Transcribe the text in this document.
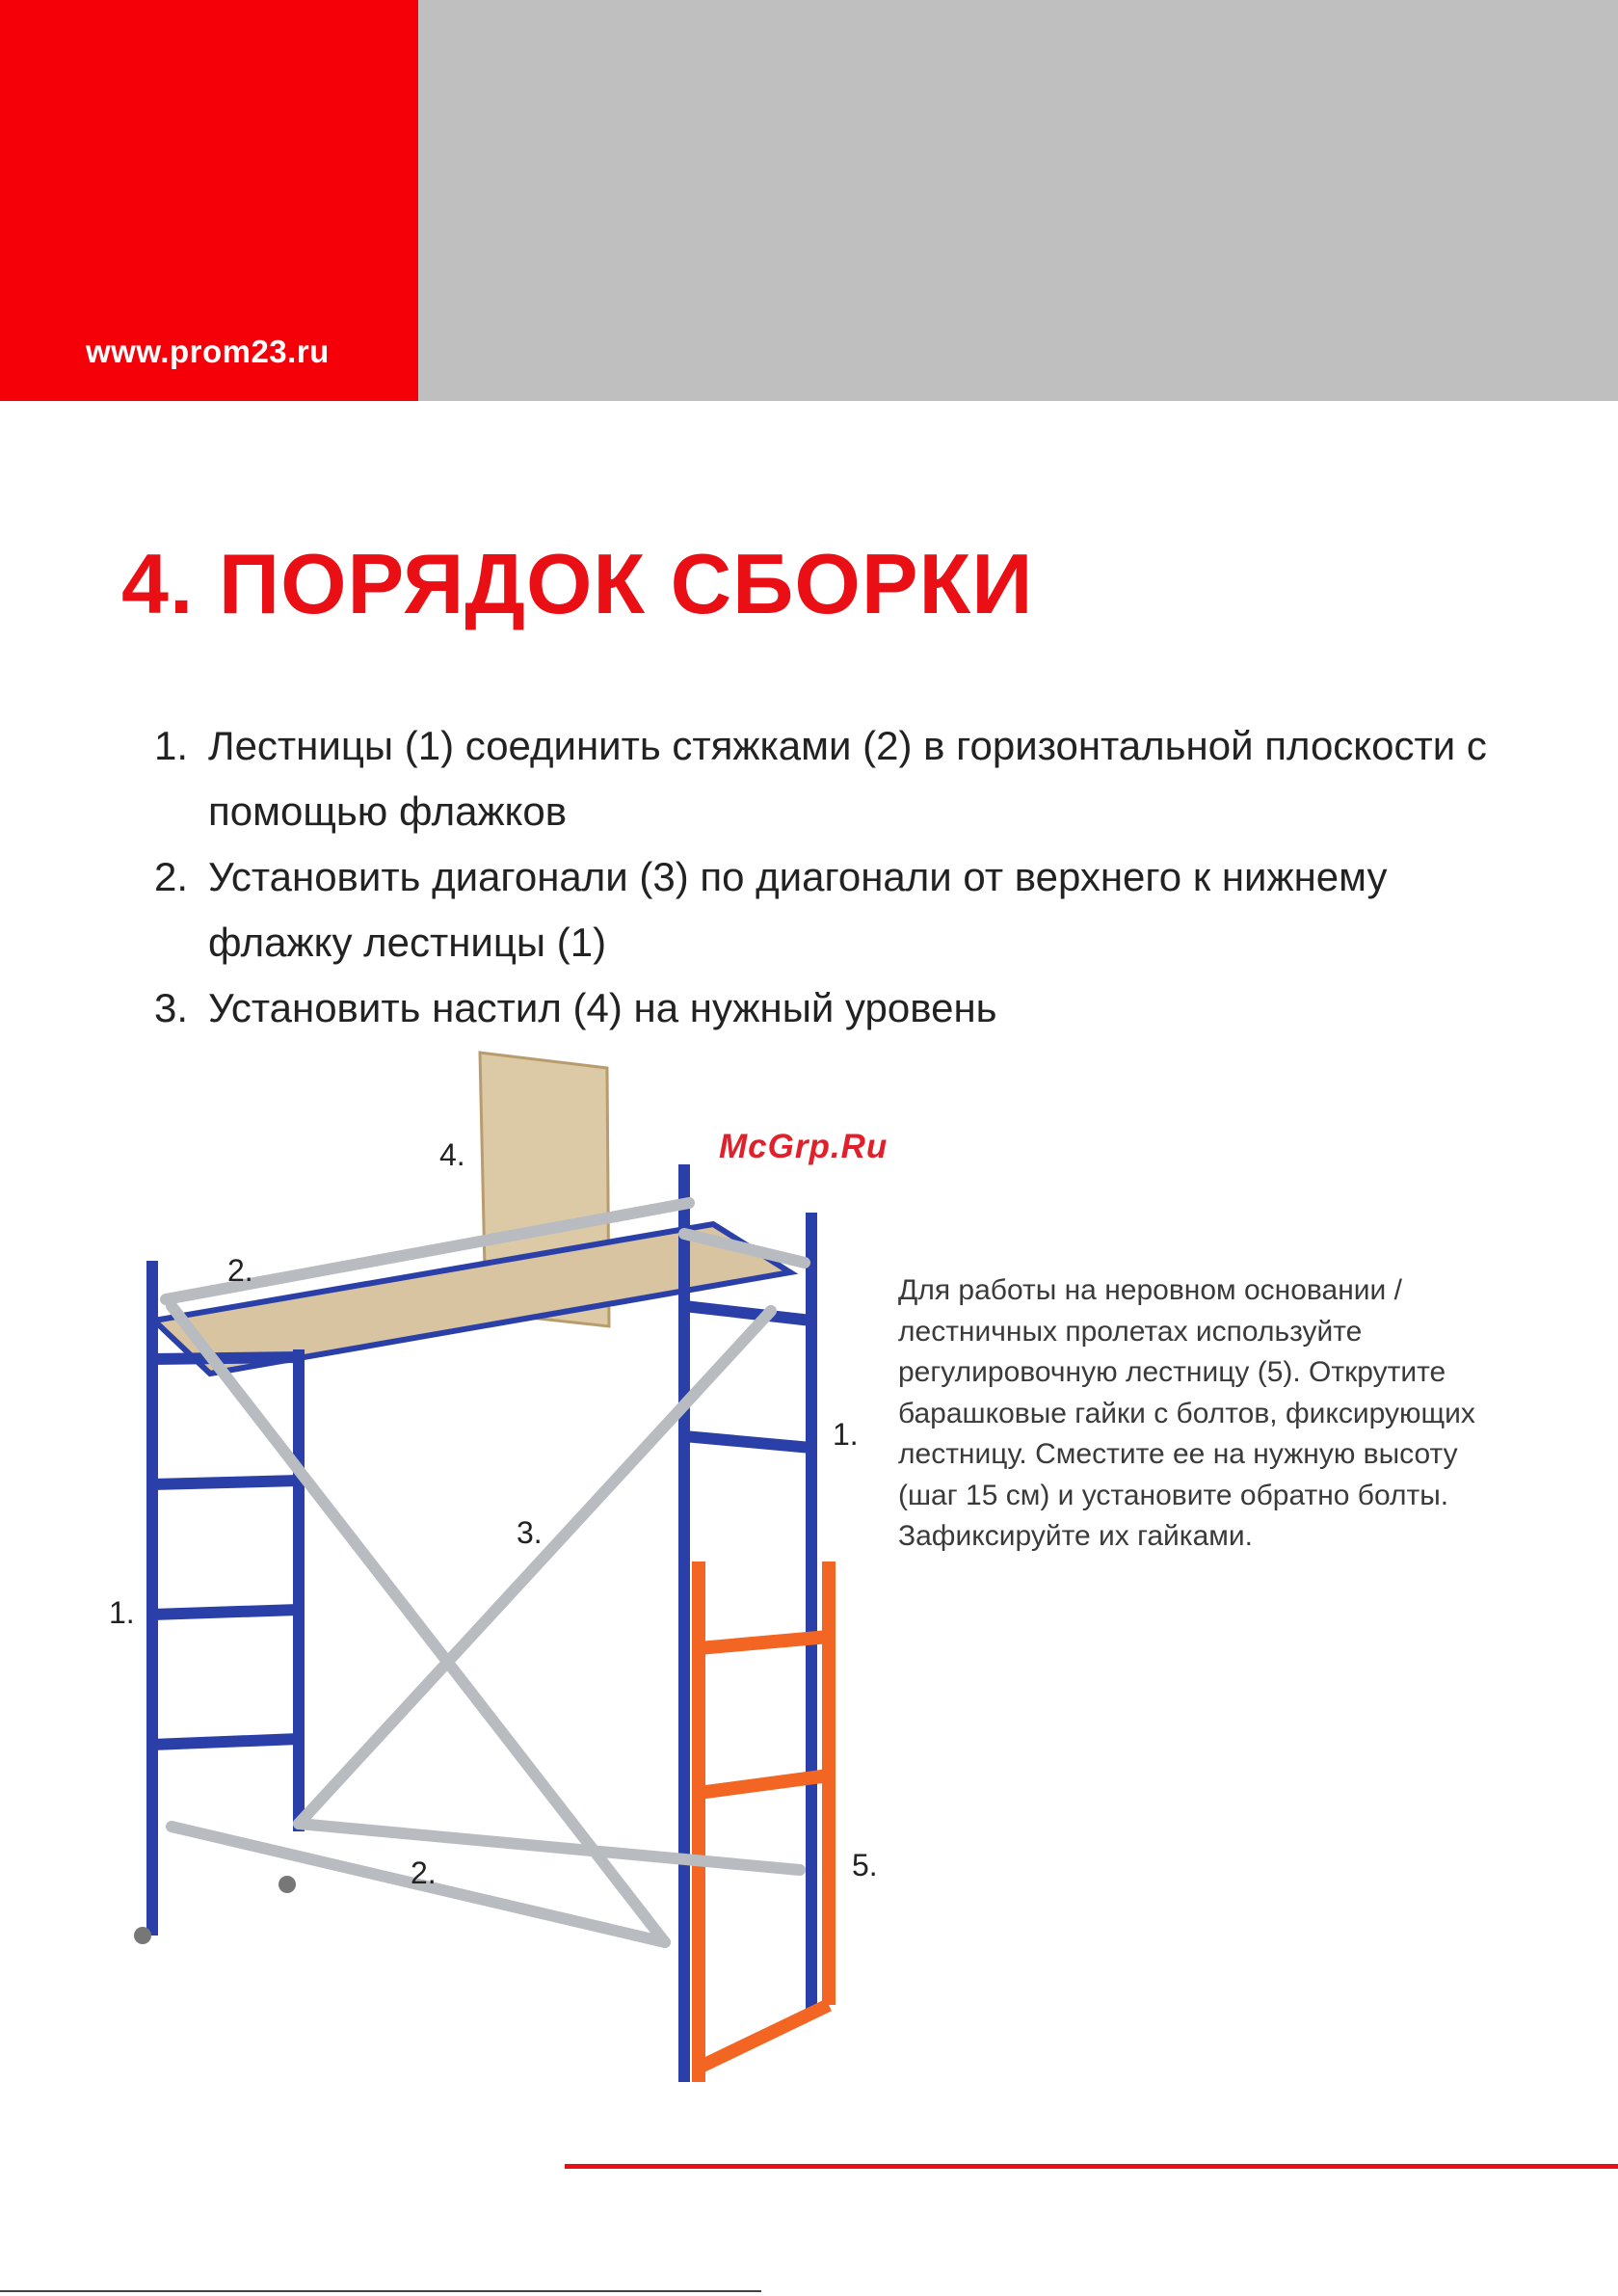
www.prom23.ru
4. ПОРЯДОК СБОРКИ
1. Лестницы (1) соединить стяжками (2) в горизонтальной плоскости с помощью флажков
2. Установить диагонали (3) по диагонали от верхнего к нижнему флажку лестницы (1)
3. Установить настил (4) на нужный уровень
4.
2.
1.
3.
1.
2.	5.
McGrp.Ru

Для работы на неровном основании / лестничных пролетах используйте регулировочную лестницу (5). Открутите барашковые гайки с болтов, фиксирующих лестницу. Сместите ее на нужную высоту (шаг 15 см) и установите обратно болты. Зафиксируйте их гайками.
